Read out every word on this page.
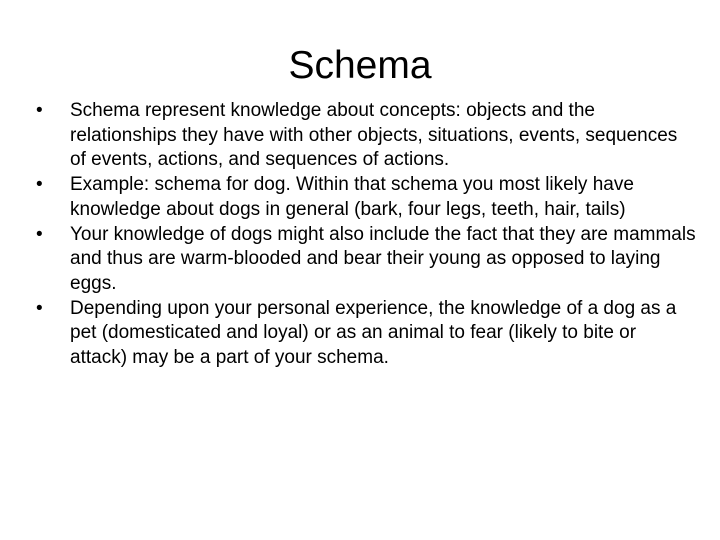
Schema
•	Schema represent knowledge about concepts: objects and the relationships they have with other objects, situations, events, sequences of events, actions, and sequences of actions.
•	Example: schema for dog. Within that schema you most likely have knowledge about dogs in general (bark, four legs, teeth, hair, tails)
•	Your knowledge of dogs might also include the fact that they are mammals and thus are warm-blooded and bear their young as opposed to laying eggs.
•	Depending upon your personal experience, the knowledge of a dog as a pet (domesticated and loyal) or as an animal to fear (likely to bite or attack) may be a part of your schema.
